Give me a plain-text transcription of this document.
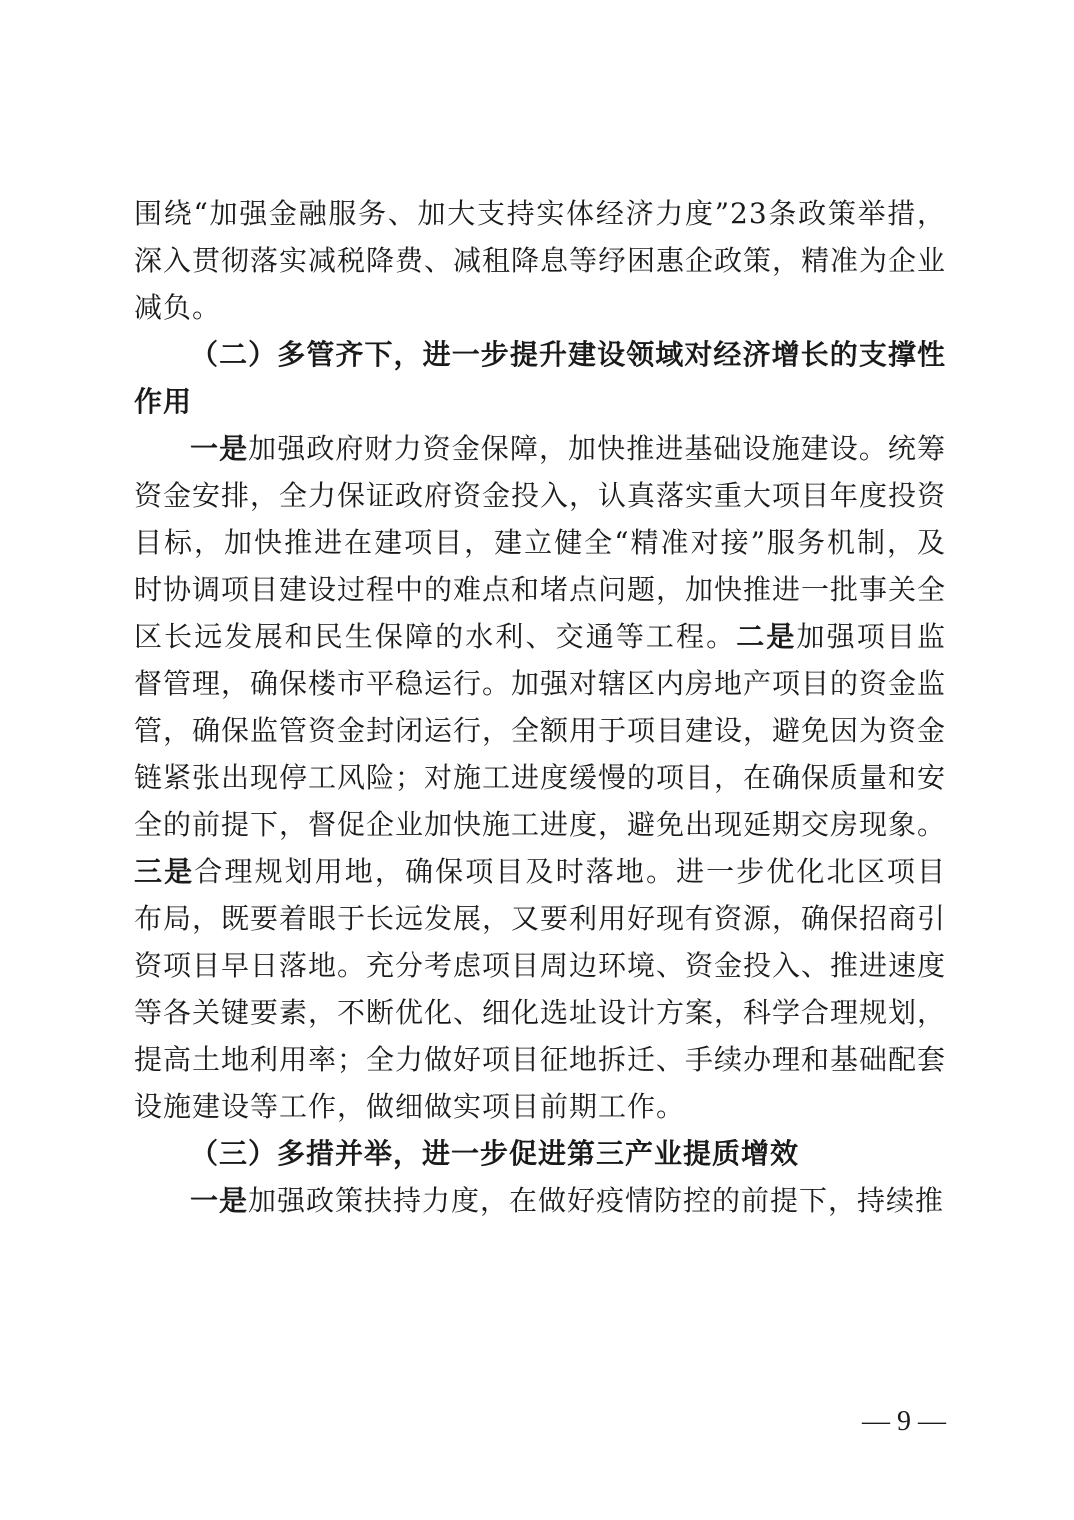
围绕“加强金融服务、加大支持实体经济力度”23条政策举措，深入贯彻落实减税降费、减租降息等纾困惠企政策，精准为企业减负。

（二）多管齐下，进一步提升建设领域对经济增长的支撑性作用

一是加强政府财力资金保障，加快推进基础设施建设。统筹资金安排，全力保证政府资金投入，认真落实重大项目年度投资目标，加快推进在建项目，建立健全“精准对接”服务机制，及时协调项目建设过程中的难点和堵点问题，加快推进一批事关全区长远发展和民生保障的水利、交通等工程。二是加强项目监督管理，确保楼市平稳运行。加强对辖区内房地产项目的资金监管，确保监管资金封闭运行，全额用于项目建设，避免因为资金链紧张出现停工风险；对施工进度缓慢的项目，在确保质量和安全的前提下，督促企业加快施工进度，避免出现延期交房现象。三是合理规划用地，确保项目及时落地。进一步优化北区项目布局，既要着眼于长远发展，又要利用好现有资源，确保招商引资项目早日落地。充分考虑项目周边环境、资金投入、推进速度等各关键要素，不断优化、细化选址设计方案，科学合理规划，提高土地利用率；全力做好项目征地拆迁、手续办理和基础配套设施建设等工作，做细做实项目前期工作。

（三）多措并举，进一步促进第三产业提质增效

一是加强政策扶持力度，在做好疫情防控的前提下，持续推

— 9 —
